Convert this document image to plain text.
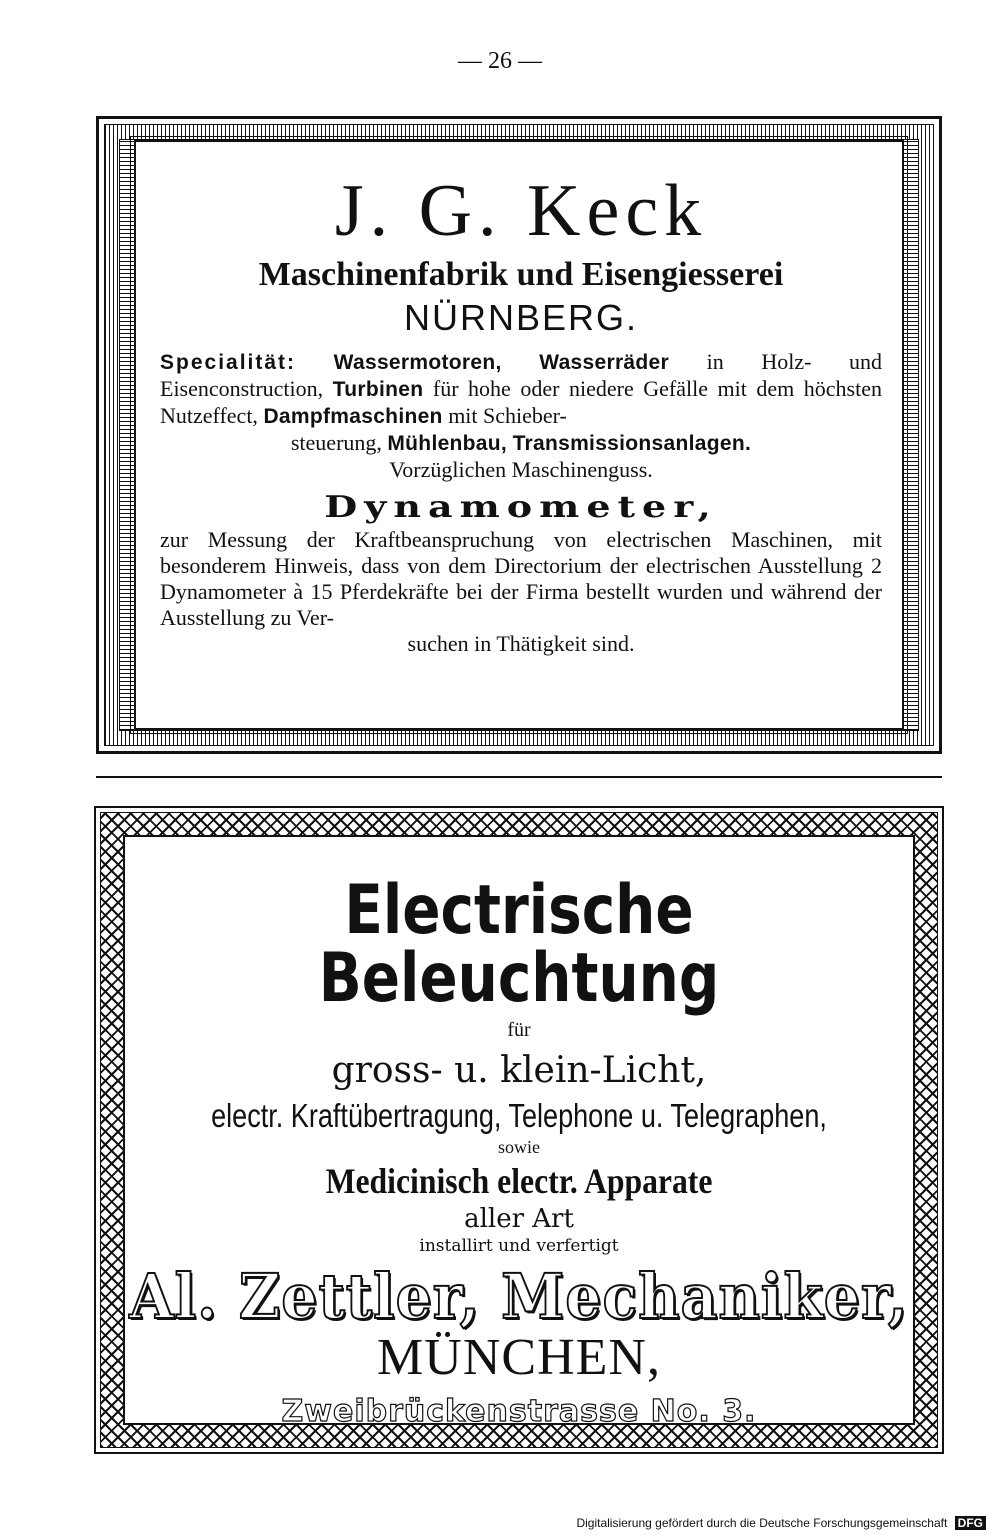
— 26 —
J. G. Keck
Maschinenfabrik und Eisengiesserei
NÜRNBERG.
Specialität: Wassermotoren, Wasserräder in Holz- und Eisenconstruction, Turbinen für hohe oder niedere Gefälle mit dem höchsten Nutzeffect, Dampfmaschinen mit Schieber-
steuerung, Mühlenbau, Transmissionsanlagen.
Vorzüglichen Maschinenguss.
Dynamometer,
zur Messung der Kraftbeanspruchung von electrischen Maschinen, mit besonderem Hinweis, dass von dem Directorium der electrischen Ausstellung 2 Dynamometer à 15 Pferdekräfte bei der Firma bestellt wurden und während der Ausstellung zu Ver-
suchen in Thätigkeit sind.
Electrische Beleuchtung
für
gross- u. klein-Licht,
electr. Kraftübertragung, Telephone u. Telegraphen,
sowie
Medicinisch electr. Apparate
aller Art
installirt und verfertigt
Al. Zettler, Mechaniker,
MÜNCHEN,
Zweibrückenstrasse No. 3.
Digitalisierung gefördert durch die Deutsche Forschungsgemeinschaft DFG
